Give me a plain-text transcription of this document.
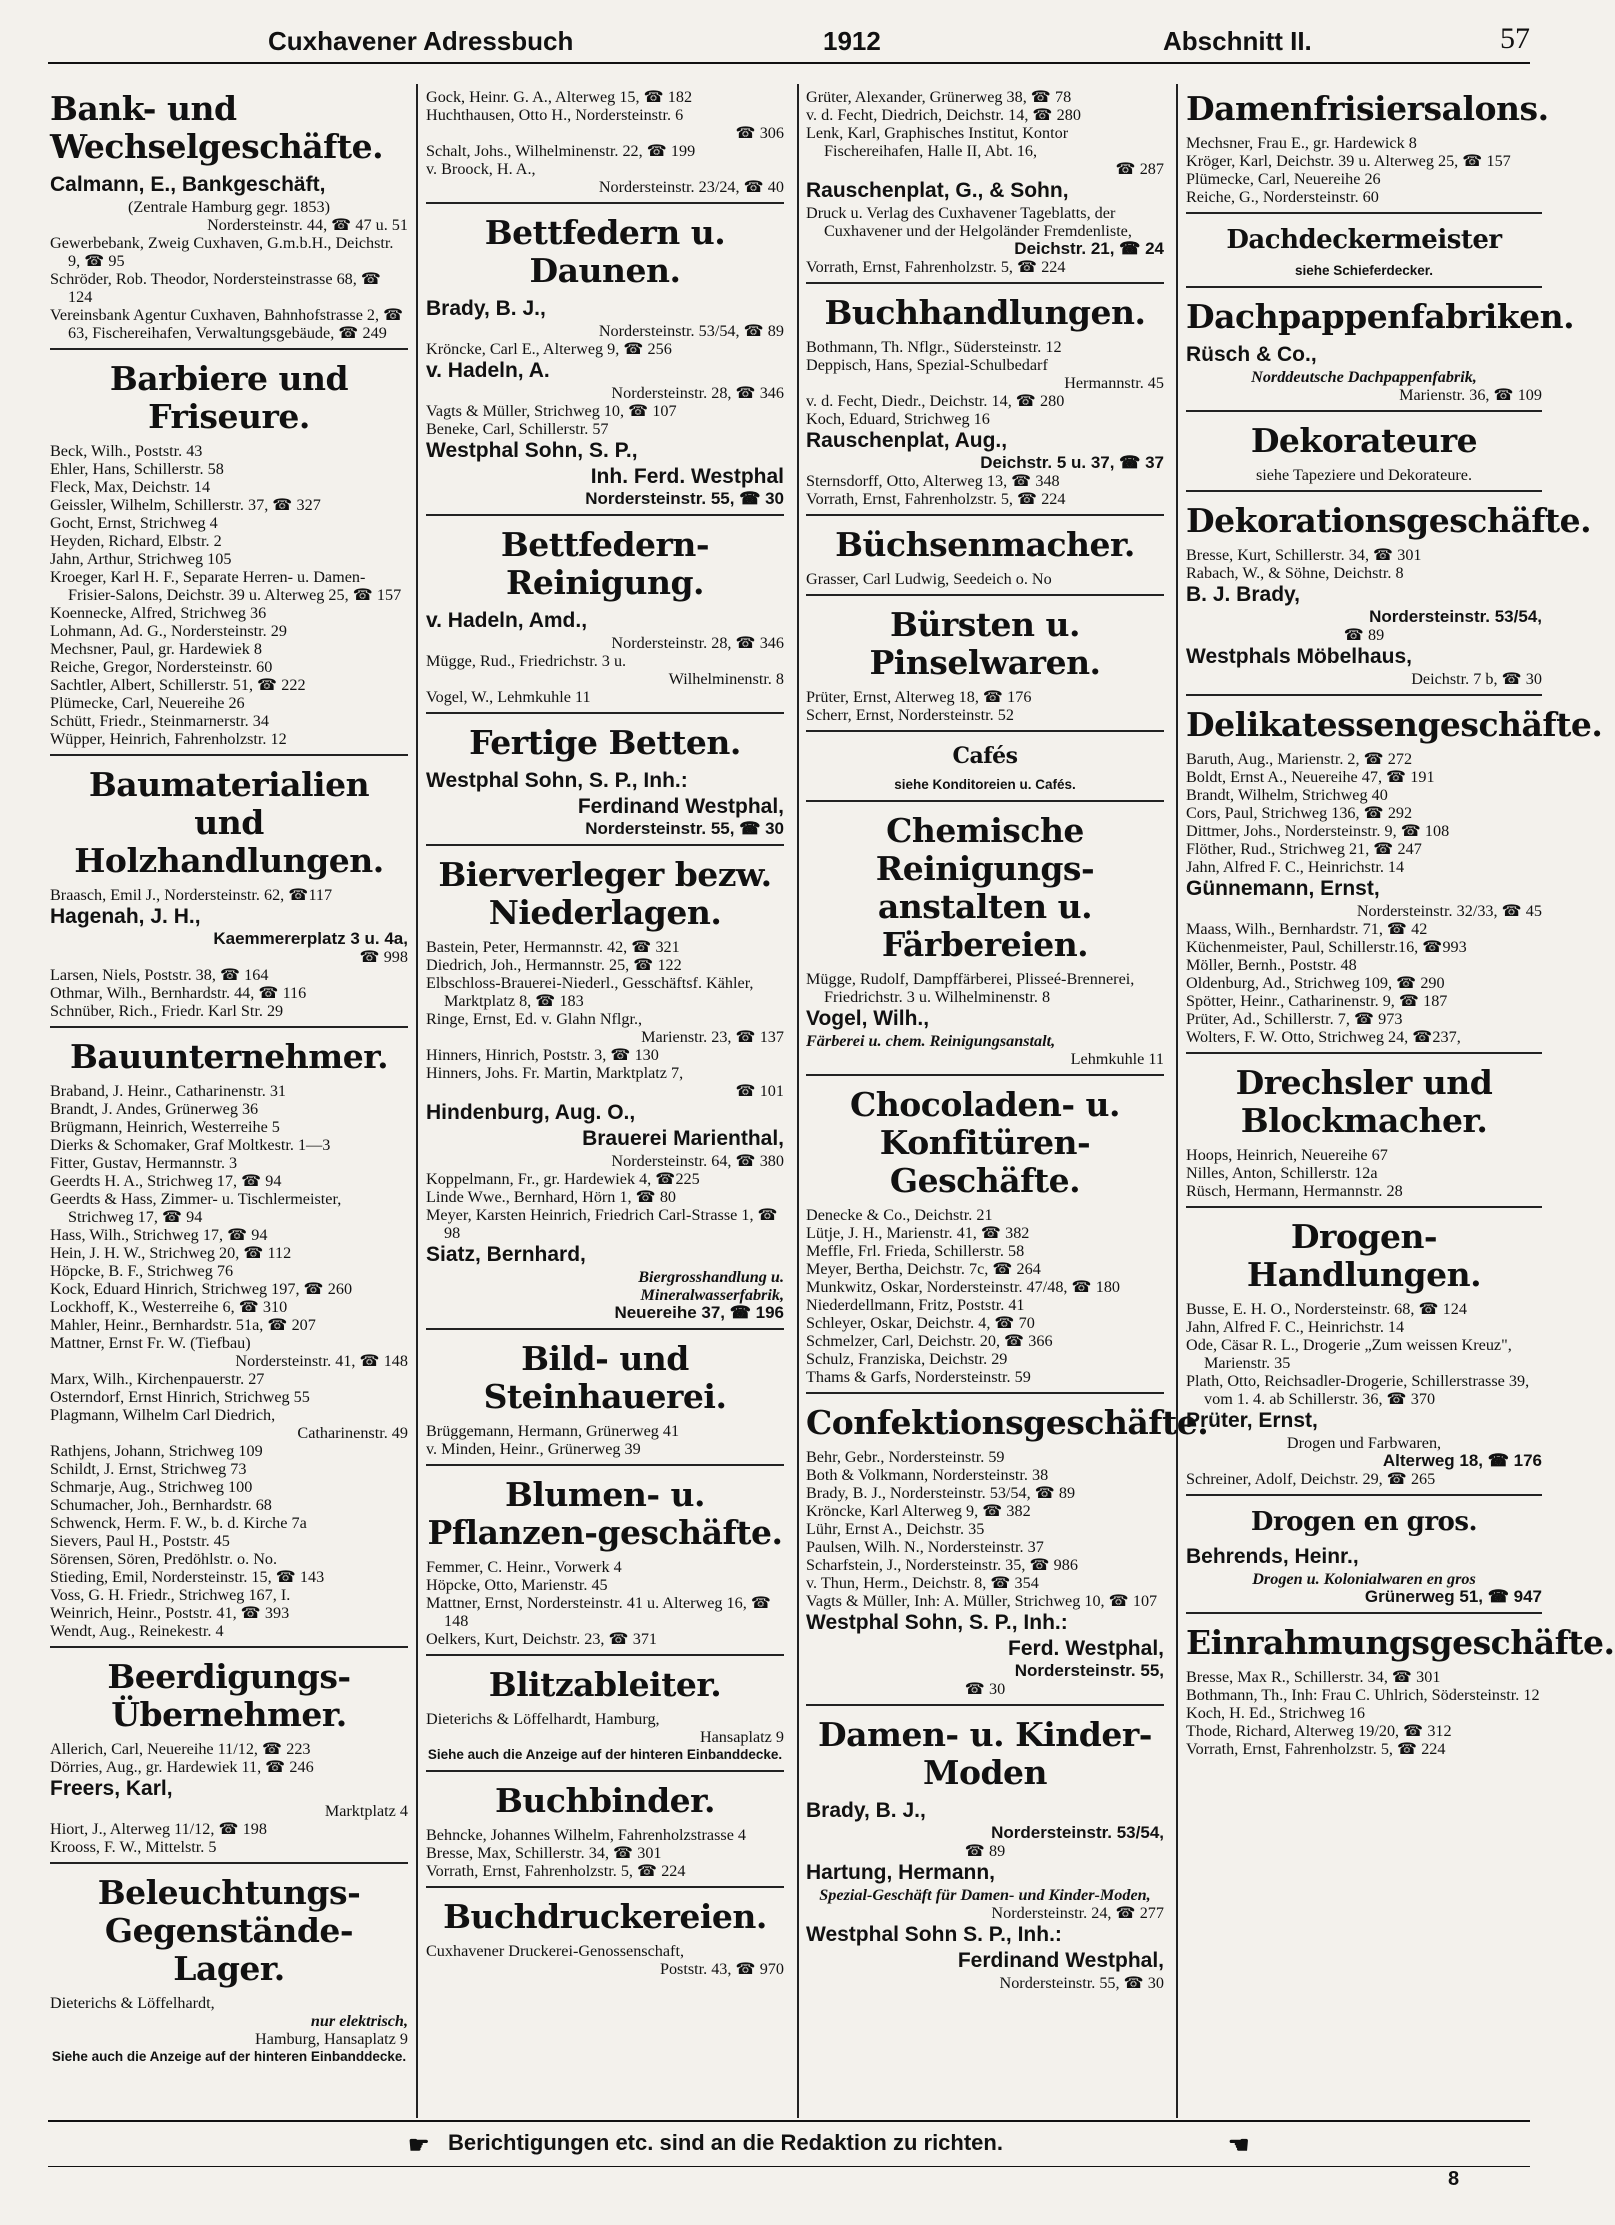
Cuxhavener Adressbuch	1912	Abschnitt II.	57
Bank- und Wechselgeschäfte.

Calmann, E., Bankgeschäft,

(Zentrale Hamburg gegr. 1853)

Nordersteinstr. 44, ☎ 47 u. 51

Gewerbebank, Zweig Cuxhaven, G.m.b.H., Deichstr. 9, ☎ 95

Schröder, Rob. Theodor, Nordersteinstrasse 68, ☎ 124

Vereinsbank Agentur Cuxhaven, Bahnhofstrasse 2, ☎ 63, Fischereihafen, Verwaltungsgebäude, ☎ 249

Barbiere und Friseure.

Beck, Wilh., Poststr. 43

Ehler, Hans, Schillerstr. 58

Fleck, Max, Deichstr. 14

Geissler, Wilhelm, Schillerstr. 37, ☎ 327

Gocht, Ernst, Strichweg 4

Heyden, Richard, Elbstr. 2

Jahn, Arthur, Strichweg 105

Kroeger, Karl H. F., Separate Herren- u. Damen- Frisier-Salons, Deichstr. 39 u. Alterweg 25, ☎ 157

Koennecke, Alfred, Strichweg 36

Lohmann, Ad. G., Nordersteinstr. 29

Mechsner, Paul, gr. Hardewiek 8

Reiche, Gregor, Nordersteinstr. 60

Sachtler, Albert, Schillerstr. 51, ☎ 222

Plümecke, Carl, Neuereihe 26

Schütt, Friedr., Steinmarnerstr. 34

Wüpper, Heinrich, Fahrenholzstr. 12

Baumaterialien und Holzhandlungen.

Braasch, Emil J., Nordersteinstr. 62, ☎117

Hagenah, J. H.,

Kaemmererplatz 3 u. 4a,

☎ 998

Larsen, Niels, Poststr. 38, ☎ 164

Othmar, Wilh., Bernhardstr. 44, ☎ 116

Schnüber, Rich., Friedr. Karl Str. 29

Bauunternehmer.

Braband, J. Heinr., Catharinenstr. 31

Brandt, J. Andes, Grünerweg 36

Brügmann, Heinrich, Westerreihe 5

Dierks & Schomaker, Graf Moltkestr. 1—3

Fitter, Gustav, Hermannstr. 3

Geerdts H. A., Strichweg 17, ☎ 94

Geerdts & Hass, Zimmer- u. Tischlermeister, Strichweg 17, ☎ 94

Hass, Wilh., Strichweg 17, ☎ 94

Hein, J. H. W., Strichweg 20, ☎ 112

Höpcke, B. F., Strichweg 76

Kock, Eduard Hinrich, Strichweg 197, ☎ 260

Lockhoff, K., Westerreihe 6, ☎ 310

Mahler, Heinr., Bernhardstr. 51a, ☎ 207

Mattner, Ernst Fr. W. (Tiefbau)

Nordersteinstr. 41, ☎ 148

Marx, Wilh., Kirchenpauerstr. 27

Osterndorf, Ernst Hinrich, Strichweg 55

Plagmann, Wilhelm Carl Diedrich,

Catharinenstr. 49

Rathjens, Johann, Strichweg 109

Schildt, J. Ernst, Strichweg 73

Schmarje, Aug., Strichweg 100

Schumacher, Joh., Bernhardstr. 68

Schwenck, Herm. F. W., b. d. Kirche 7a

Sievers, Paul H., Poststr. 45

Sörensen, Sören, Predöhlstr. o. No.

Stieding, Emil, Nordersteinstr. 15, ☎ 143

Voss, G. H. Friedr., Strichweg 167, I.

Weinrich, Heinr., Poststr. 41, ☎ 393

Wendt, Aug., Reinekestr. 4

Beerdigungs-Übernehmer.

Allerich, Carl, Neuereihe 11/12, ☎ 223

Dörries, Aug., gr. Hardewiek 11, ☎ 246

Freers, Karl,

Marktplatz 4

Hiort, J., Alterweg 11/12, ☎ 198

Krooss, F. W., Mittelstr. 5

Beleuchtungs-Gegenstände-Lager.

Dieterichs & Löffelhardt,

nur elektrisch,

Hamburg, Hansaplatz 9

Siehe auch die Anzeige auf der hinteren Einbanddecke.

Gock, Heinr. G. A., Alterweg 15, ☎ 182

Huchthausen, Otto H., Nordersteinstr. 6

☎ 306

Schalt, Johs., Wilhelminenstr. 22, ☎ 199

v. Broock, H. A.,

Nordersteinstr. 23/24, ☎ 40

Bettfedern u. Daunen.

Brady, B. J.,

Nordersteinstr. 53/54, ☎ 89

Kröncke, Carl E., Alterweg 9, ☎ 256

v. Hadeln, A.

Nordersteinstr. 28, ☎ 346

Vagts & Müller, Strichweg 10, ☎ 107

Beneke, Carl, Schillerstr. 57

Westphal Sohn, S. P.,

Inh. Ferd. Westphal

Nordersteinstr. 55, ☎ 30

Bettfedern-Reinigung.

v. Hadeln, Amd.,

Nordersteinstr. 28, ☎ 346

Mügge, Rud., Friedrichstr. 3 u.

Wilhelminenstr. 8

Vogel, W., Lehmkuhle 11

Fertige Betten.

Westphal Sohn, S. P., Inh.:

Ferdinand Westphal,

Nordersteinstr. 55, ☎ 30

Bierverleger bezw. Niederlagen.

Bastein, Peter, Hermannstr. 42, ☎ 321

Diedrich, Joh., Hermannstr. 25, ☎ 122

Elbschloss-Brauerei-Niederl., Gesschäftsf. Kähler, Marktplatz 8, ☎ 183

Ringe, Ernst, Ed. v. Glahn Nflgr.,

Marienstr. 23, ☎ 137

Hinners, Hinrich, Poststr. 3, ☎ 130

Hinners, Johs. Fr. Martin, Marktplatz 7,

☎ 101

Hindenburg, Aug. O.,

Brauerei Marienthal,

Nordersteinstr. 64, ☎ 380

Koppelmann, Fr., gr. Hardewiek 4, ☎225

Linde Wwe., Bernhard, Hörn 1, ☎ 80

Meyer, Karsten Heinrich, Friedrich Carl-Strasse 1, ☎ 98

Siatz, Bernhard,

Biergrosshandlung u.

Mineralwasserfabrik,

Neuereihe 37, ☎ 196

Bild- und Steinhauerei.

Brüggemann, Hermann, Grünerweg 41

v. Minden, Heinr., Grünerweg 39

Blumen- u. Pflanzen-geschäfte.

Femmer, C. Heinr., Vorwerk 4

Höpcke, Otto, Marienstr. 45

Mattner, Ernst, Nordersteinstr. 41 u. Alterweg 16, ☎ 148

Oelkers, Kurt, Deichstr. 23, ☎ 371

Blitzableiter.

Dieterichs & Löffelhardt, Hamburg,

Hansaplatz 9

Siehe auch die Anzeige auf der hinteren Einbanddecke.

Buchbinder.

Behncke, Johannes Wilhelm, Fahrenholzstrasse 4

Bresse, Max, Schillerstr. 34, ☎ 301

Vorrath, Ernst, Fahrenholzstr. 5, ☎ 224

Buchdruckereien.

Cuxhavener Druckerei-Genossenschaft,

Poststr. 43, ☎ 970

Grüter, Alexander, Grünerweg 38, ☎ 78

v. d. Fecht, Diedrich, Deichstr. 14, ☎ 280

Lenk, Karl, Graphisches Institut, Kontor Fischereihafen, Halle II, Abt. 16,

☎ 287

Rauschenplat, G., & Sohn,

Druck u. Verlag des Cuxhavener Tageblatts, der Cuxhavener und der Helgoländer Fremdenliste,

Deichstr. 21, ☎ 24

Vorrath, Ernst, Fahrenholzstr. 5, ☎ 224

Buchhandlungen.

Bothmann, Th. Nflgr., Südersteinstr. 12

Deppisch, Hans, Spezial-Schulbedarf

Hermannstr. 45

v. d. Fecht, Diedr., Deichstr. 14, ☎ 280

Koch, Eduard, Strichweg 16

Rauschenplat, Aug.,

Deichstr. 5 u. 37, ☎ 37

Sternsdorff, Otto, Alterweg 13, ☎ 348

Vorrath, Ernst, Fahrenholzstr. 5, ☎ 224

Büchsenmacher.

Grasser, Carl Ludwig, Seedeich o. No

Bürsten u. Pinselwaren.

Prüter, Ernst, Alterweg 18, ☎ 176

Scherr, Ernst, Nordersteinstr. 52

Cafés

siehe Konditoreien u. Cafés.

Chemische Reinigungs-anstalten u. Färbereien.

Mügge, Rudolf, Dampffärberei, Plisseé-Brennerei, Friedrichstr. 3 u. Wilhelminenstr. 8

Vogel, Wilh.,

Färberei u. chem. Reinigungsanstalt,

Lehmkuhle 11

Chocoladen- u. Konfitüren-Geschäfte.

Denecke & Co., Deichstr. 21

Lütje, J. H., Marienstr. 41, ☎ 382

Meffle, Frl. Frieda, Schillerstr. 58

Meyer, Bertha, Deichstr. 7c, ☎ 264

Munkwitz, Oskar, Nordersteinstr. 47/48, ☎ 180

Niederdellmann, Fritz, Poststr. 41

Schleyer, Oskar, Deichstr. 4, ☎ 70

Schmelzer, Carl, Deichstr. 20, ☎ 366

Schulz, Franziska, Deichstr. 29

Thams & Garfs, Nordersteinstr. 59

Confektionsgeschäfte.

Behr, Gebr., Nordersteinstr. 59

Both & Volkmann, Nordersteinstr. 38

Brady, B. J., Nordersteinstr. 53/54, ☎ 89

Kröncke, Karl Alterweg 9, ☎ 382

Lühr, Ernst A., Deichstr. 35

Paulsen, Wilh. N., Nordersteinstr. 37

Scharfstein, J., Nordersteinstr. 35, ☎ 986

v. Thun, Herm., Deichstr. 8, ☎ 354

Vagts & Müller, Inh: A. Müller, Strichweg 10, ☎ 107

Westphal Sohn, S. P., Inh.:

Ferd. Westphal,

Nordersteinstr. 55,

☎ 30

Damen- u. Kinder-Moden

Brady, B. J.,

Nordersteinstr. 53/54,

☎ 89

Hartung, Hermann,

Spezial-Geschäft für Damen- und Kinder-Moden,

Nordersteinstr. 24, ☎ 277

Westphal Sohn S. P., Inh.:

Ferdinand Westphal,

Nordersteinstr. 55, ☎ 30

Damenfrisiersalons.

Mechsner, Frau E., gr. Hardewick 8

Kröger, Karl, Deichstr. 39 u. Alterweg 25, ☎ 157

Plümecke, Carl, Neuereihe 26

Reiche, G., Nordersteinstr. 60

Dachdeckermeister

siehe Schieferdecker.

Dachpappenfabriken.

Rüsch & Co.,

Norddeutsche Dachpappenfabrik,

Marienstr. 36, ☎ 109

Dekorateure

siehe Tapeziere und Dekorateure.

Dekorationsgeschäfte.

Bresse, Kurt, Schillerstr. 34, ☎ 301

Rabach, W., & Söhne, Deichstr. 8

B. J. Brady,

Nordersteinstr. 53/54,

☎ 89

Westphals Möbelhaus,

Deichstr. 7 b, ☎ 30

Delikatessengeschäfte.

Baruth, Aug., Marienstr. 2, ☎ 272

Boldt, Ernst A., Neuereihe 47, ☎ 191

Brandt, Wilhelm, Strichweg 40

Cors, Paul, Strichweg 136, ☎ 292

Dittmer, Johs., Nordersteinstr. 9, ☎ 108

Flöther, Rud., Strichweg 21, ☎ 247

Jahn, Alfred F. C., Heinrichstr. 14

Günnemann, Ernst,

Nordersteinstr. 32/33, ☎ 45

Maass, Wilh., Bernhardstr. 71, ☎ 42

Küchenmeister, Paul, Schillerstr.16, ☎993

Möller, Bernh., Poststr. 48

Oldenburg, Ad., Strichweg 109, ☎ 290

Spötter, Heinr., Catharinenstr. 9, ☎ 187

Prüter, Ad., Schillerstr. 7, ☎ 973

Wolters, F. W. Otto, Strichweg 24, ☎237,

Drechsler und Blockmacher.

Hoops, Heinrich, Neuereihe 67

Nilles, Anton, Schillerstr. 12a

Rüsch, Hermann, Hermannstr. 28

Drogen-Handlungen.

Busse, E. H. O., Nordersteinstr. 68, ☎ 124

Jahn, Alfred F. C., Heinrichstr. 14

Ode, Cäsar R. L., Drogerie „Zum weissen Kreuz", Marienstr. 35

Plath, Otto, Reichsadler-Drogerie, Schillerstrasse 39, vom 1. 4. ab Schillerstr. 36, ☎ 370

Prüter, Ernst,

Drogen und Farbwaren,

Alterweg 18, ☎ 176

Schreiner, Adolf, Deichstr. 29, ☎ 265

Drogen en gros.

Behrends, Heinr.,

Drogen u. Kolonialwaren en gros

Grünerweg 51, ☎ 947

Einrahmungsgeschäfte.

Bresse, Max R., Schillerstr. 34, ☎ 301

Bothmann, Th., Inh: Frau C. Uhlrich, Södersteinstr. 12

Koch, H. Ed., Strichweg 16

Thode, Richard, Alterweg 19/20, ☎ 312

Vorrath, Ernst, Fahrenholzstr. 5, ☎ 224

☛ Berichtigungen etc. sind an die Redaktion zu richten.	☚
8
